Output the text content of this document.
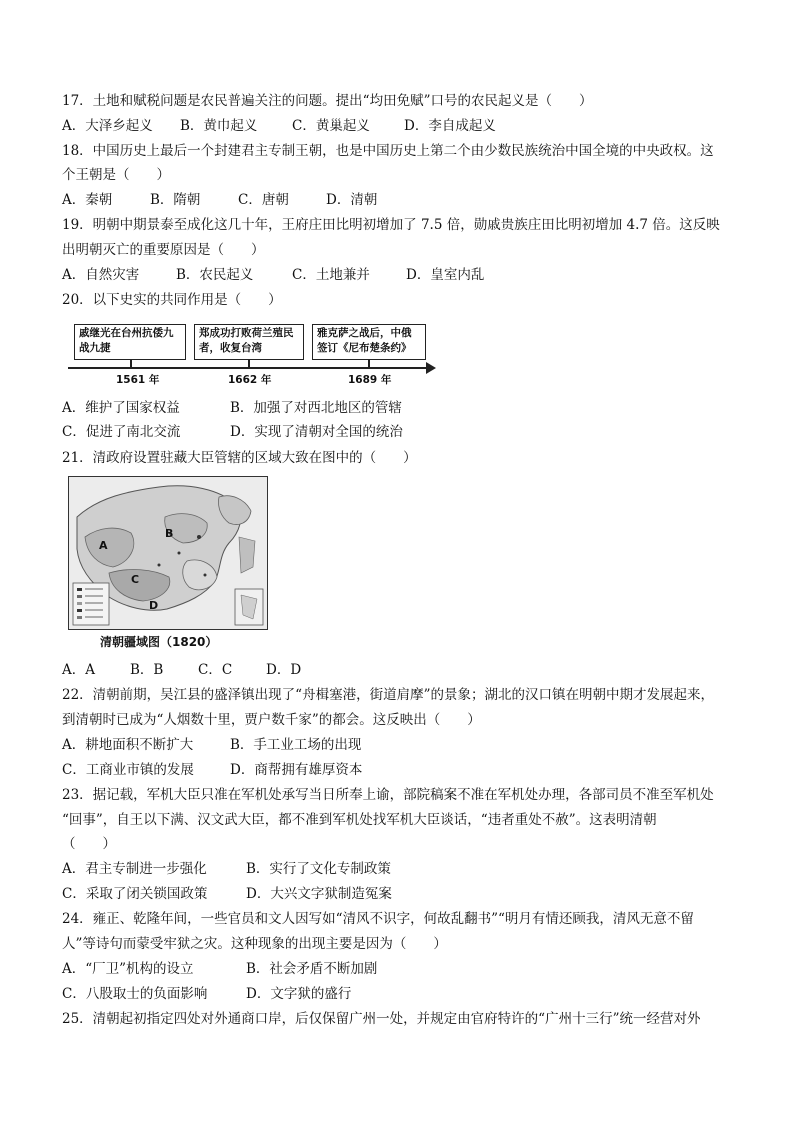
17．土地和赋税问题是农民普遍关注的问题。提出“均田免赋”口号的农民起义是（　　）
A．大泽乡起义 B．黄巾起义	C．黄巢起义	D．李自成起义
18．中国历史上最后一个封建君主专制王朝，也是中国历史上第二个由少数民族统治中国全境的中央政权。这
个王朝是（　　）
A．秦朝	B．隋朝	C．唐朝	D．清朝
19．明朝中期景泰至成化这几十年，王府庄田比明初增加了 7.5 倍，勋戚贵族庄田比明初增加 4.7 倍。这反映
出明朝灭亡的重要原因是（　　）
A．自然灾害	B．农民起义	C．土地兼并	D．皇室内乱
20．以下史实的共同作用是（　　）
戚继光在台州抗倭九战九捷
郑成功打败荷兰殖民者，收复台湾
雅克萨之战后，中俄签订《尼布楚条约》
1561 年	1662 年	1689 年
A．维护了国家权益	B．加强了对西北地区的管辖
C．促进了南北交流	D．实现了清朝对全国的统治
21．清政府设置驻藏大臣管辖的区域大致在图中的（　　）
A
B
C
D
清朝疆域图（1820）
A．A	B．B	C．C	D．D
22．清朝前期，吴江县的盛泽镇出现了“舟楫塞港，街道肩摩”的景象；湖北的汉口镇在明朝中期才发展起来，
到清朝时已成为“人烟数十里，贾户数千家”的都会。这反映出（　　）
A．耕地面积不断扩大	B．手工业工场的出现
C．工商业市镇的发展	D．商帮拥有雄厚资本
23．据记载，军机大臣只准在军机处承写当日所奉上谕，部院稿案不准在军机处办理，各部司员不准至军机处
“回事”，自王以下满、汉文武大臣，都不准到军机处找军机大臣谈话，“违者重处不赦”。这表明清朝
（　　）
A．君主专制进一步强化	B．实行了文化专制政策
C．采取了闭关锁国政策	D．大兴文字狱制造冤案
24．雍正、乾隆年间，一些官员和文人因写如“清风不识字，何故乱翻书”“明月有情还顾我，清风无意不留
人”等诗句而蒙受牢狱之灾。这种现象的出现主要是因为（　　）
A．“厂卫”机构的设立	B．社会矛盾不断加剧
C．八股取士的负面影响	D．文字狱的盛行
25．清朝起初指定四处对外通商口岸，后仅保留广州一处，并规定由官府特许的“广州十三行”统一经营对外
